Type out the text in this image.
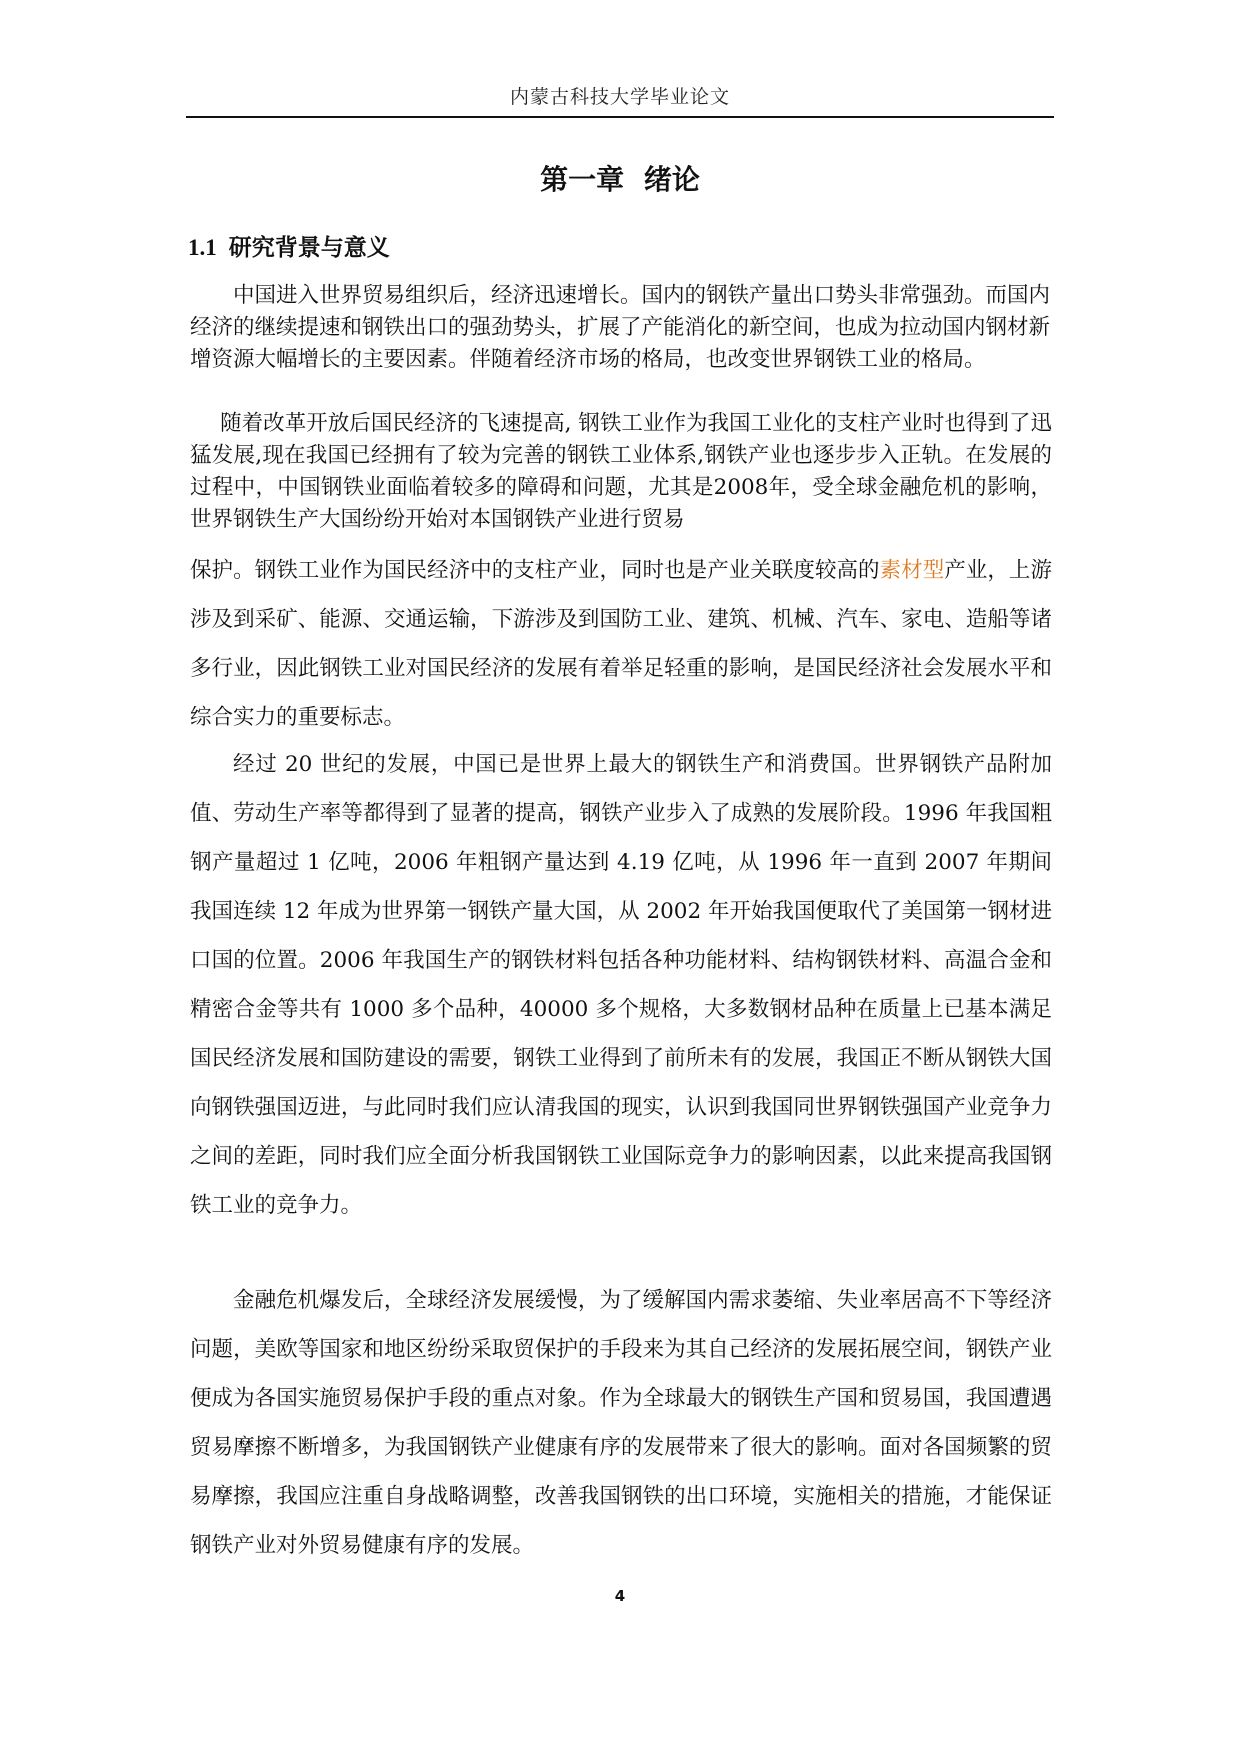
内蒙古科技大学毕业论文
第一章 绪论
1.1 研究背景与意义

中国进入世界贸易组织后，经济迅速增长。国内的钢铁产量出口势头非常强劲。而国内经济的继续提速和钢铁出口的强劲势头，扩展了产能消化的新空间，也成为拉动国内钢材新增资源大幅增长的主要因素。伴随着经济市场的格局，也改变世界钢铁工业的格局。

随着改革开放后国民经济的飞速提高, 钢铁工业作为我国工业化的支柱产业时也得到了迅猛发展,现在我国已经拥有了较为完善的钢铁工业体系,钢铁产业也逐步步入正轨。在发展的过程中，中国钢铁业面临着较多的障碍和问题，尤其是2008年，受全球金融危机的影响，世界钢铁生产大国纷纷开始对本国钢铁产业进行贸易

保护。钢铁工业作为国民经济中的支柱产业，同时也是产业关联度较高的素材型产业，上游涉及到采矿、能源、交通运输，下游涉及到国防工业、建筑、机械、汽车、家电、造船等诸多行业，因此钢铁工业对国民经济的发展有着举足轻重的影响，是国民经济社会发展水平和综合实力的重要标志。

经过 20 世纪的发展，中国已是世界上最大的钢铁生产和消费国。世界钢铁产品附加值、劳动生产率等都得到了显著的提高，钢铁产业步入了成熟的发展阶段。1996 年我国粗钢产量超过 1 亿吨，2006 年粗钢产量达到 4.19 亿吨，从 1996 年一直到 2007 年期间我国连续 12 年成为世界第一钢铁产量大国，从 2002 年开始我国便取代了美国第一钢材进口国的位置。2006 年我国生产的钢铁材料包括各种功能材料、结构钢铁材料、高温合金和精密合金等共有 1000 多个品种，40000 多个规格，大多数钢材品种在质量上已基本满足国民经济发展和国防建设的需要，钢铁工业得到了前所未有的发展，我国正不断从钢铁大国向钢铁强国迈进，与此同时我们应认清我国的现实，认识到我国同世界钢铁强国产业竞争力之间的差距，同时我们应全面分析我国钢铁工业国际竞争力的影响因素，以此来提高我国钢铁工业的竞争力。

金融危机爆发后，全球经济发展缓慢，为了缓解国内需求萎缩、失业率居高不下等经济问题，美欧等国家和地区纷纷采取贸保护的手段来为其自己经济的发展拓展空间，钢铁产业便成为各国实施贸易保护手段的重点对象。作为全球最大的钢铁生产国和贸易国，我国遭遇贸易摩擦不断增多，为我国钢铁产业健康有序的发展带来了很大的影响。面对各国频繁的贸易摩擦，我国应注重自身战略调整，改善我国钢铁的出口环境，实施相关的措施，才能保证钢铁产业对外贸易健康有序的发展。

4
